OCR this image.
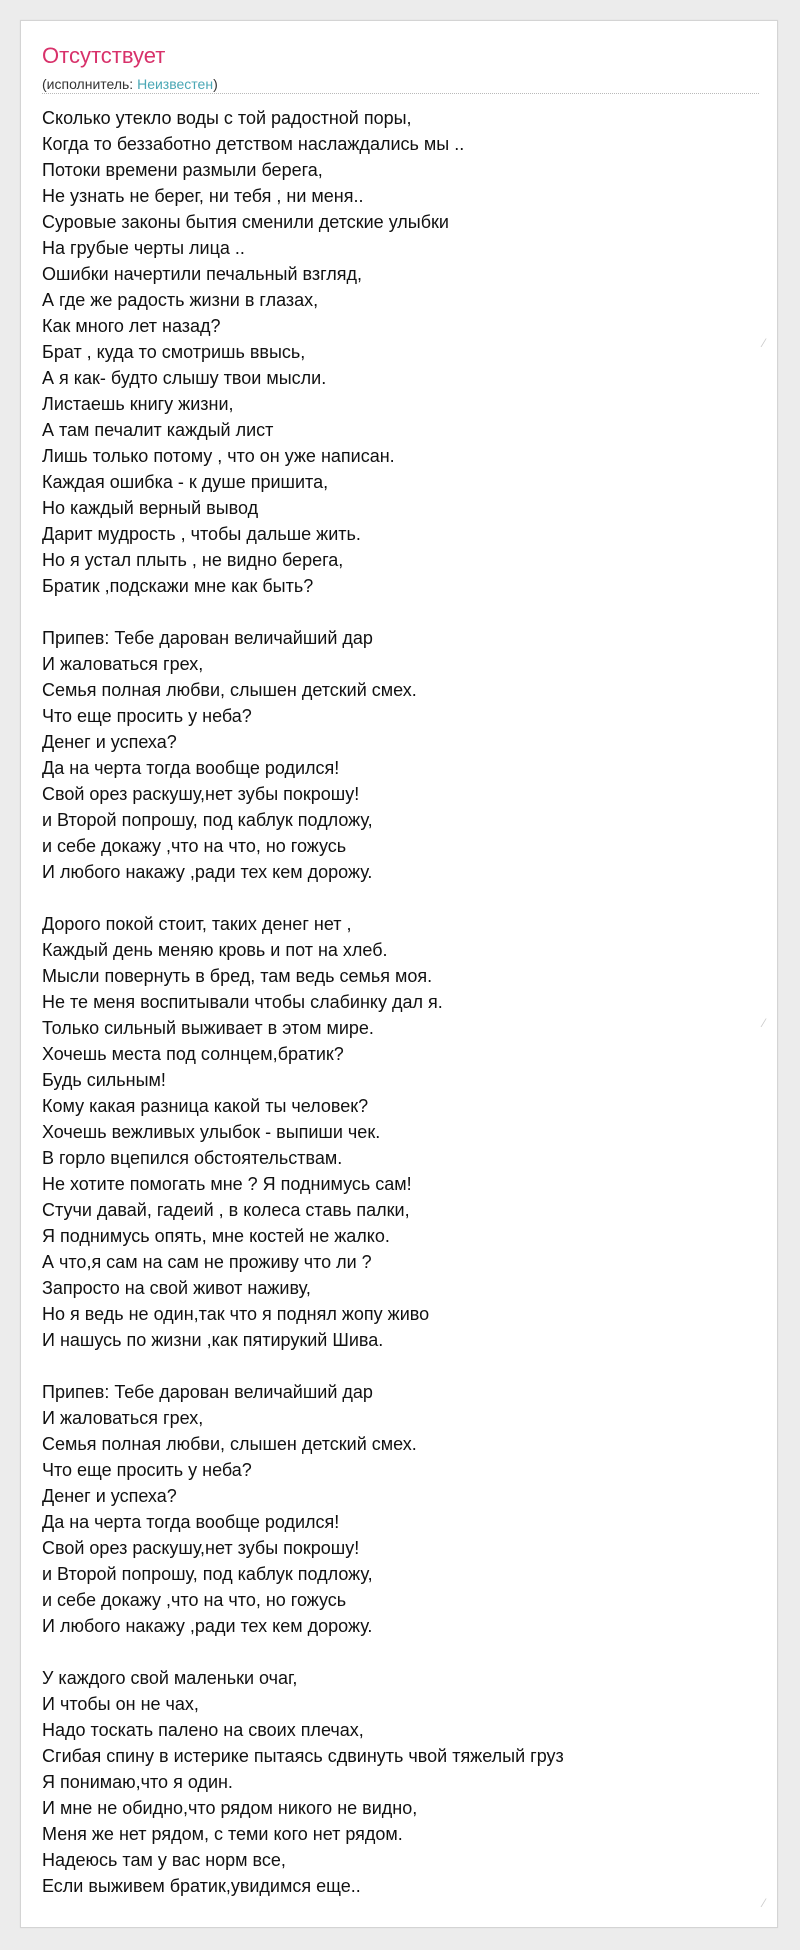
⁄
⁄
⁄
Отсутствует
(исполнитель: Неизвестен)
Сколько утекло воды с той радостной поры,
Когда то беззаботно детством наслаждались мы ..
Потоки времени размыли берега,
Не узнать не берег, ни тебя , ни меня..
Суровые законы бытия сменили детские улыбки
На грубые черты лица ..
Ошибки начертили печальный взгляд,
А где же радость жизни в глазах,
Как много лет назад?
Брат , куда то смотришь ввысь,
А я как- будто слышу твои мысли.
Листаешь книгу жизни,
А там печалит каждый лист
Лишь только потому , что он уже написан.
Каждая ошибка - к душе пришита,
Но каждый верный вывод
Дарит мудрость , чтобы дальше жить.
Но я устал плыть , не видно берега,
Братик ,подскажи мне как быть?
Припев: Тебе дарован величайший дар
И жаловаться грех,
Семья полная любви, слышен детский смех.
Что еще просить у неба?
Денег и успеха?
Да на черта тогда вообще родился!
Свой орез раскушу,нет зубы покрошу!
и Второй попрошу, под каблук подложу,
и себе докажу ,что на что, но гожусь
И любого накажу ,ради тех кем дорожу.
Дорого покой стоит, таких денег нет ,
Каждый день меняю кровь и пот на хлеб.
Мысли повернуть в бред, там ведь семья моя.
Не те меня воспитывали чтобы слабинку дал я.
Только сильный выживает в этом мире.
Хочешь места под солнцем,братик?
Будь сильным!
Кому какая разница какой ты человек?
Хочешь вежливых улыбок - выпиши чек.
В горло вцепился обстоятельствам.
Не хотите помогать мне ? Я поднимусь сам!
Стучи давай, гадеий , в колеса ставь палки,
Я поднимусь опять, мне костей не жалко.
А что,я сам на сам не проживу что ли ?
Запросто на свой живот наживу,
Но я ведь не один,так что я поднял жопу живо
И нашусь по жизни ,как пятирукий Шива.
Припев: Тебе дарован величайший дар
И жаловаться грех,
Семья полная любви, слышен детский смех.
Что еще просить у неба?
Денег и успеха?
Да на черта тогда вообще родился!
Свой орез раскушу,нет зубы покрошу!
и Второй попрошу, под каблук подложу,
и себе докажу ,что на что, но гожусь
И любого накажу ,ради тех кем дорожу.
У каждого свой маленьки очаг,
И чтобы он не чах,
Надо тоскать палено на своих плечах,
Сгибая спину в истерике пытаясь сдвинуть чвой тяжелый груз
Я понимаю,что я один.
И мне не обидно,что рядом никого не видно,
Меня же нет рядом, с теми кого нет рядом.
Надеюсь там у вас норм все,
Если выживем братик,увидимся еще..
